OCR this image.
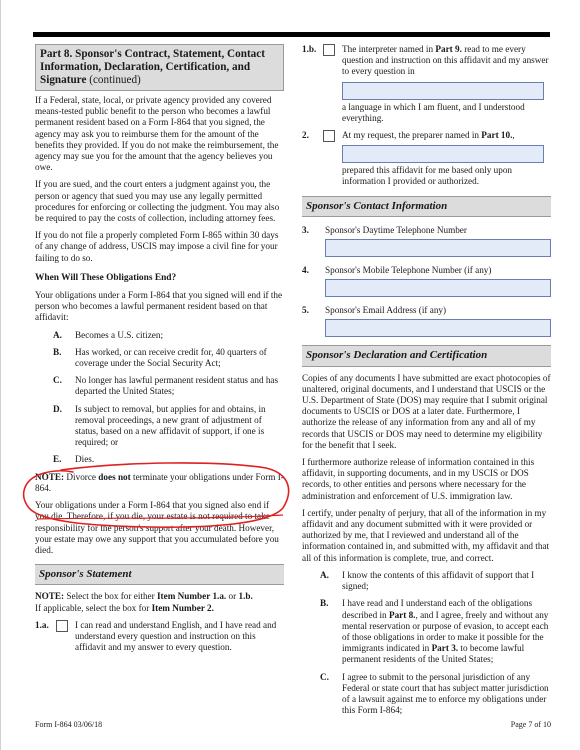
Part 8. Sponsor's Contract, Statement, Contact Information, Declaration, Certification, and Signature (continued)

If a Federal, state, local, or private agency provided any covered means-tested public benefit to the person who becomes a lawful permanent resident based on a Form I-864 that you signed, the agency may ask you to reimburse them for the amount of the benefits they provided. If you do not make the reimbursement, the agency may sue you for the amount that the agency believes you owe.

If you are sued, and the court enters a judgment against you, the person or agency that sued you may use any legally permitted procedures for enforcing or collecting the judgment. You may also be required to pay the costs of collection, including attorney fees.

If you do not file a properly completed Form I-865 within 30 days of any change of address, USCIS may impose a civil fine for your failing to do so.

When Will These Obligations End?

Your obligations under a Form I-864 that you signed will end if the person who becomes a lawful permanent resident based on that affidavit:

A. Becomes a U.S. citizen;
B. Has worked, or can receive credit for, 40 quarters of coverage under the Social Security Act;
C. No longer has lawful permanent resident status and has departed the United States;
D. Is subject to removal, but applies for and obtains, in removal proceedings, a new grant of adjustment of status, based on a new affidavit of support, if one is required; or
E. Dies.

NOTE: Divorce does not terminate your obligations under Form I-864.

Your obligations under a Form I-864 that you signed also end if you die. Therefore, if you die, your estate is not required to take responsibility for the person's support after your death. However, your estate may owe any support that you accumulated before you died.

Sponsor's Statement

NOTE: Select the box for either Item Number 1.a. or 1.b.
If applicable, select the box for Item Number 2.

1.a.	I can read and understand English, and I have read and understand every question and instruction on this affidavit and my answer to every question.
1.b.	The interpreter named in Part 9. read to me every question and instruction on this affidavit and my answer to every question in
a language in which I am fluent, and I understood everything.
2.	At my request, the preparer named in Part 10.,
prepared this affidavit for me based only upon information I provided or authorized.
Sponsor's Contact Information
3. Sponsor's Daytime Telephone Number
4. Sponsor's Mobile Telephone Number (if any)
5. Sponsor's Email Address (if any)
Sponsor's Declaration and Certification

Copies of any documents I have submitted are exact photocopies of unaltered, original documents, and I understand that USCIS or the U.S. Department of State (DOS) may require that I submit original documents to USCIS or DOS at a later date. Furthermore, I authorize the release of any information from any and all of my records that USCIS or DOS may need to determine my eligibility for the benefit that I seek.

I furthermore authorize release of information contained in this affidavit, in supporting documents, and in my USCIS or DOS records, to other entities and persons where necessary for the administration and enforcement of U.S. immigration law.

I certify, under penalty of perjury, that all of the information in my affidavit and any document submitted with it were provided or authorized by me, that I reviewed and understand all of the information contained in, and submitted with, my affidavit and that all of this information is complete, true, and correct.

A. I know the contents of this affidavit of support that I signed;
B. I have read and I understand each of the obligations described in Part 8., and I agree, freely and without any mental reservation or purpose of evasion, to accept each of those obligations in order to make it possible for the immigrants indicated in Part 3. to become lawful permanent residents of the United States;
C. I agree to submit to the personal jurisdiction of any Federal or state court that has subject matter jurisdiction of a lawsuit against me to enforce my obligations under this Form I-864;
Form I-864 03/06/18	Page 7 of 10
